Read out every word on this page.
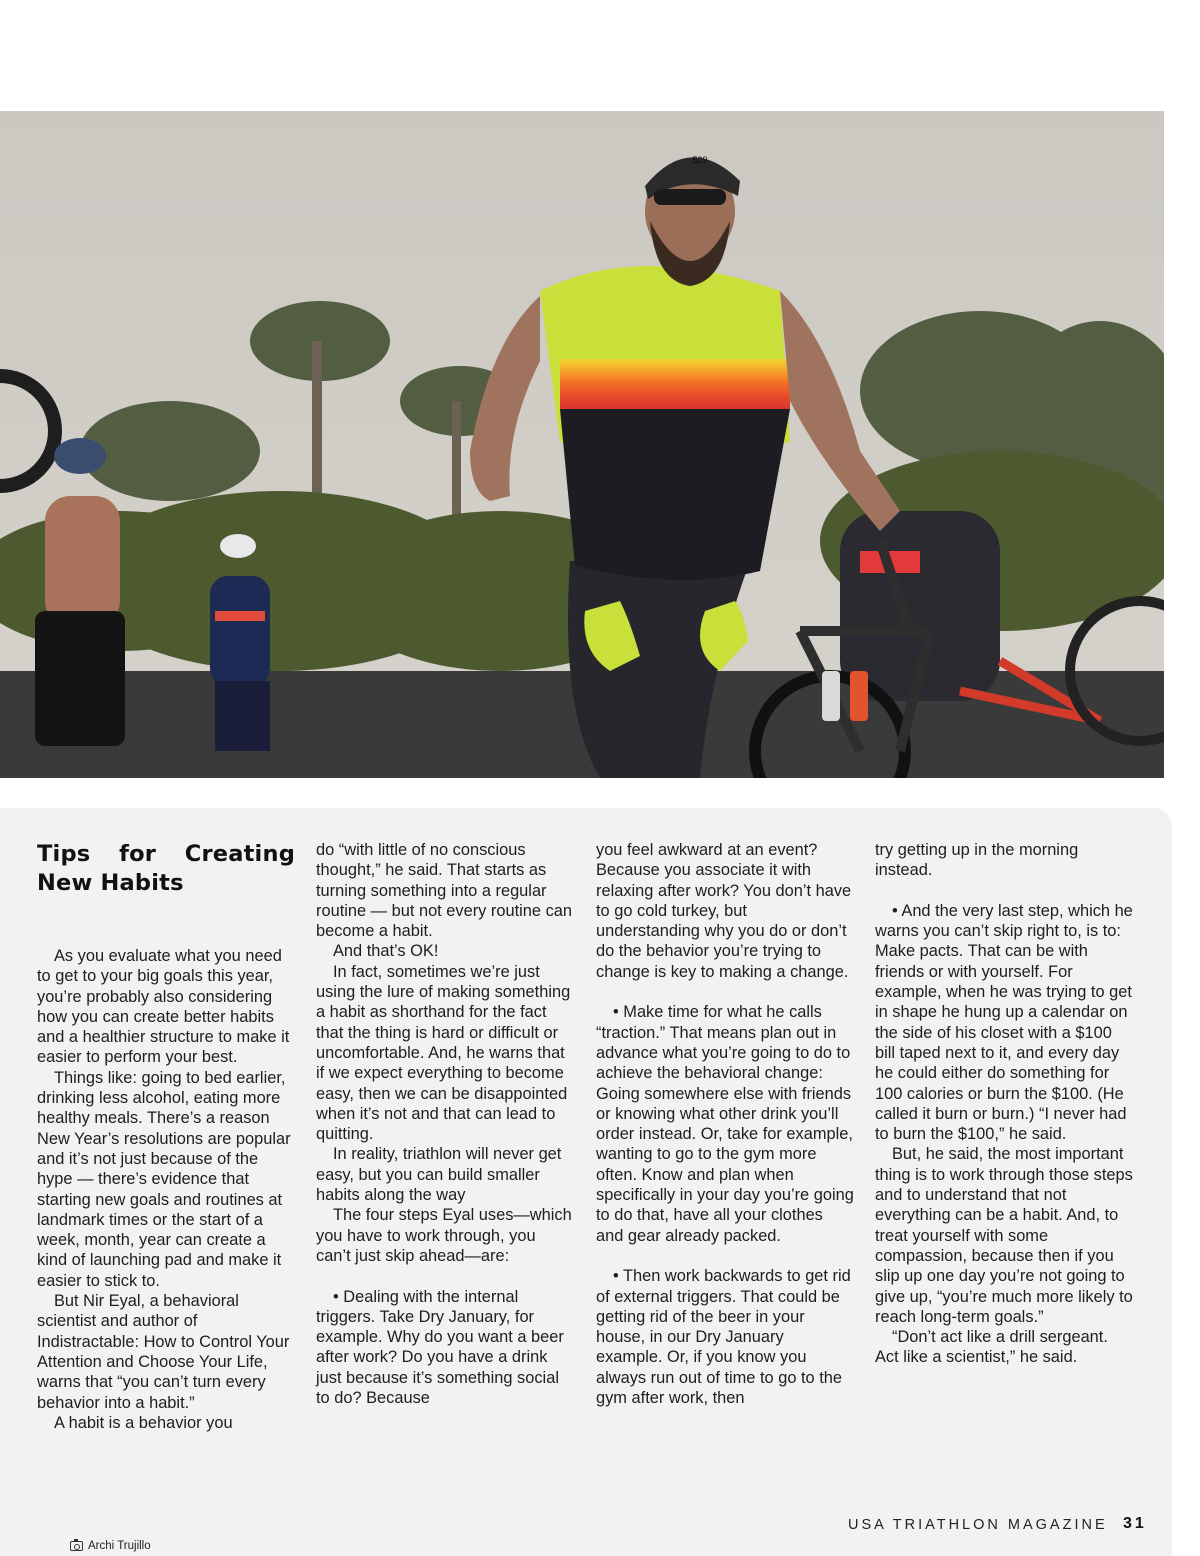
529
Tips for Creating
New Habits

As you evaluate what you need to get to your big goals this year, you’re probably also considering how you can create better habits and a healthier structure to make it easier to perform your best.

Things like: going to bed earlier, drinking less alcohol, eating more healthy meals. There’s a reason New Year’s resolutions are popular and it’s not just because of the hype — there’s evidence that starting new goals and routines at landmark times or the start of a week, month, year can create a kind of launching pad and make it easier to stick to.

But Nir Eyal, a behavioral scientist and author of Indistractable: How to Control Your Attention and Choose Your Life, warns that “you can’t turn every behavior into a habit.”

A habit is a behavior you

do “with little of no conscious thought,” he said. That starts as turning something into a regular routine — but not every routine can become a habit.

And that’s OK!

In fact, sometimes we’re just using the lure of making something a habit as shorthand for the fact that the thing is hard or difficult or uncomfortable. And, he warns that if we expect everything to become easy, then we can be disappointed when it’s not and that can lead to quitting.

In reality, triathlon will never get easy, but you can build smaller habits along the way

The four steps Eyal uses—which you have to work through, you can’t just skip ahead—are:

• Dealing with the internal triggers. Take Dry January, for example. Why do you want a beer after work? Do you have a drink just because it’s something social to do? Because

you feel awkward at an event? Because you associate it with relaxing after work? You don’t have to go cold turkey, but understanding why you do or don’t do the behavior you’re trying to change is key to making a change.

• Make time for what he calls “traction.” That means plan out in advance what you’re going to do to achieve the behavioral change: Going somewhere else with friends or knowing what other drink you’ll order instead. Or, take for example, wanting to go to the gym more often. Know and plan when specifically in your day you’re going to do that, have all your clothes and gear already packed.

• Then work backwards to get rid of external triggers. That could be getting rid of the beer in your house, in our Dry January example. Or, if you know you always run out of time to go to the gym after work, then

try getting up in the morning instead.

• And the very last step, which he warns you can’t skip right to, is to: Make pacts. That can be with friends or with yourself. For example, when he was trying to get in shape he hung up a calendar on the side of his closet with a $100 bill taped next to it, and every day he could either do something for 100 calories or burn the $100. (He called it burn or burn.) “I never had to burn the $100,” he said.

But, he said, the most important thing is to work through those steps and to understand that not everything can be a habit. And, to treat yourself with some compassion, because then if you slip up one day you’re not going to give up, “you’re much more likely to reach long-term goals.”

“Don’t act like a drill sergeant. Act like a scientist,” he said.

USA TRIATHLON MAGAZINE 31
Archi Trujillo
